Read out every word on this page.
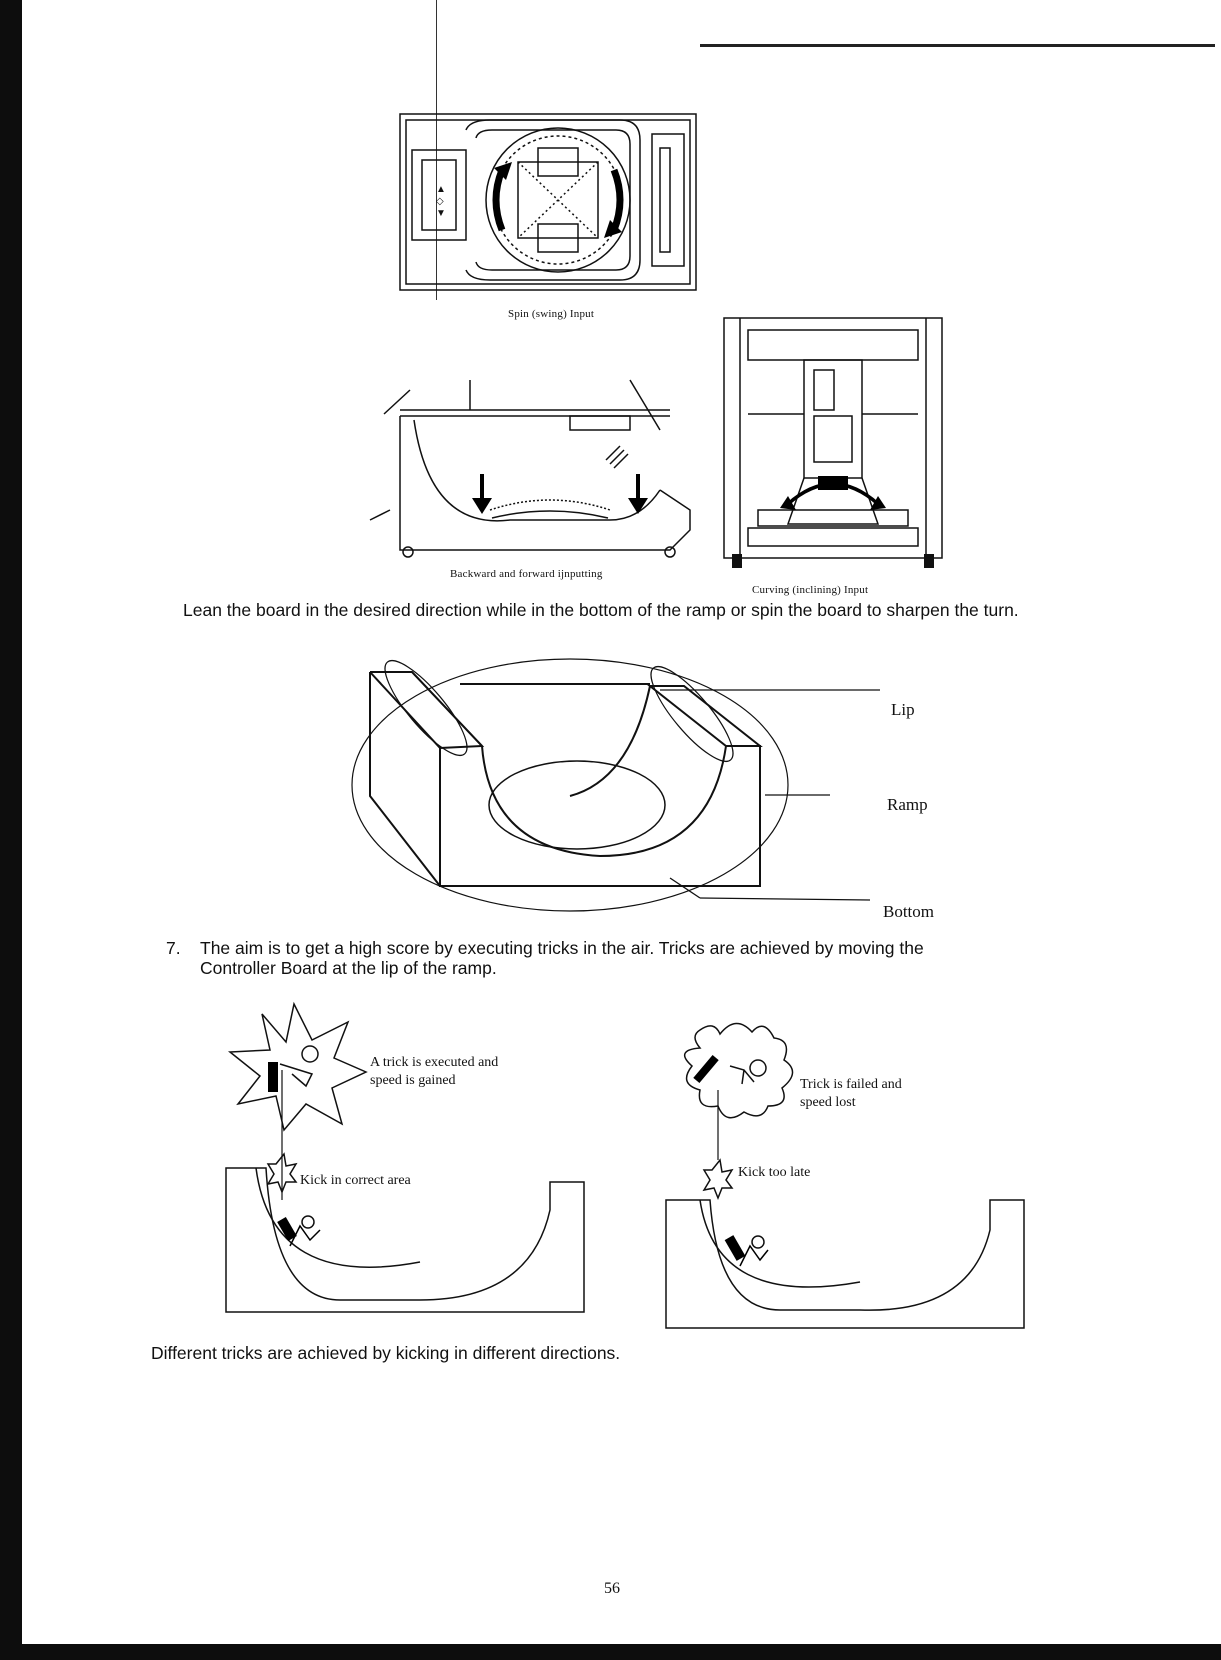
▲
◇
▼
Spin (swing) Input
Backward and forward ijnputting
Curving (inclining) Input
Lean the board in the desired direction while in the bottom of the ramp or spin the board to sharpen the turn.
Lip
Ramp
Bottom
7. The aim is to get a high score by executing tricks in the air. Tricks are achieved by moving the
Controller Board at the lip of the ramp.
A trick is executed and
speed is gained
Kick in correct area
Trick is failed and
speed lost
Kick too late
Different tricks are achieved by kicking in different directions.
56
